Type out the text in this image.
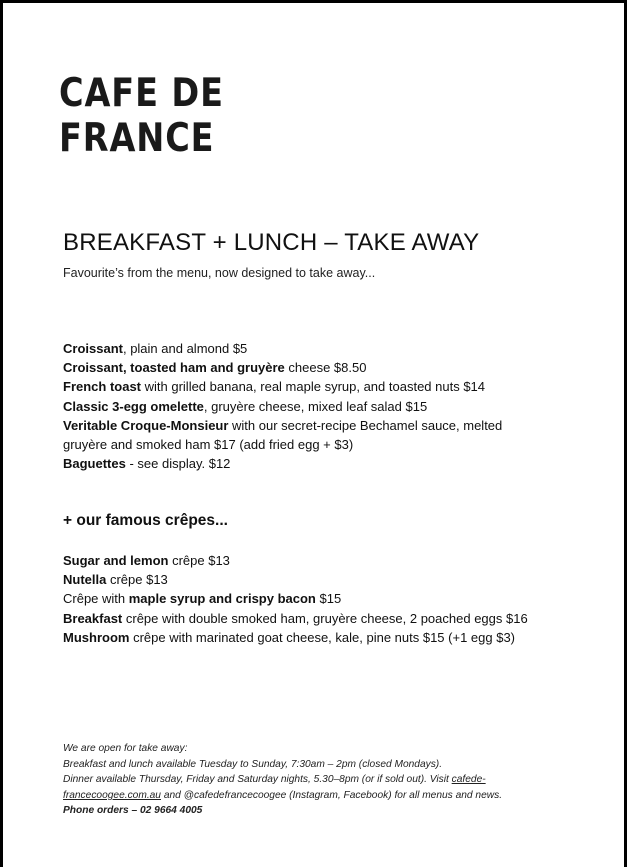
CAFE DE
FRANCE
BREAKFAST + LUNCH – TAKE AWAY
Favourite’s from the menu, now designed to take away...
Croissant, plain and almond $5
Croissant, toasted ham and gruyère cheese $8.50
French toast with grilled banana, real maple syrup, and toasted nuts $14
Classic 3-egg omelette, gruyère cheese, mixed leaf salad $15
Veritable Croque-Monsieur with our secret-recipe Bechamel sauce, melted
gruyère and smoked ham $17 (add fried egg + $3)
Baguettes - see display. $12
+ our famous crêpes...
Sugar and lemon crêpe $13
Nutella crêpe $13
Crêpe with maple syrup and crispy bacon $15
Breakfast crêpe with double smoked ham, gruyère cheese, 2 poached eggs $16
Mushroom crêpe with marinated goat cheese, kale, pine nuts $15 (+1 egg $3)
We are open for take away:
Breakfast and lunch available Tuesday to Sunday, 7:30am – 2pm (closed Mondays).
Dinner available Thursday, Friday and Saturday nights, 5.30–8pm (or if sold out). Visit cafede-
francecoogee.com.au and @cafedefrancecoogee (Instagram, Facebook) for all menus and news.
Phone orders – 02 9664 4005
